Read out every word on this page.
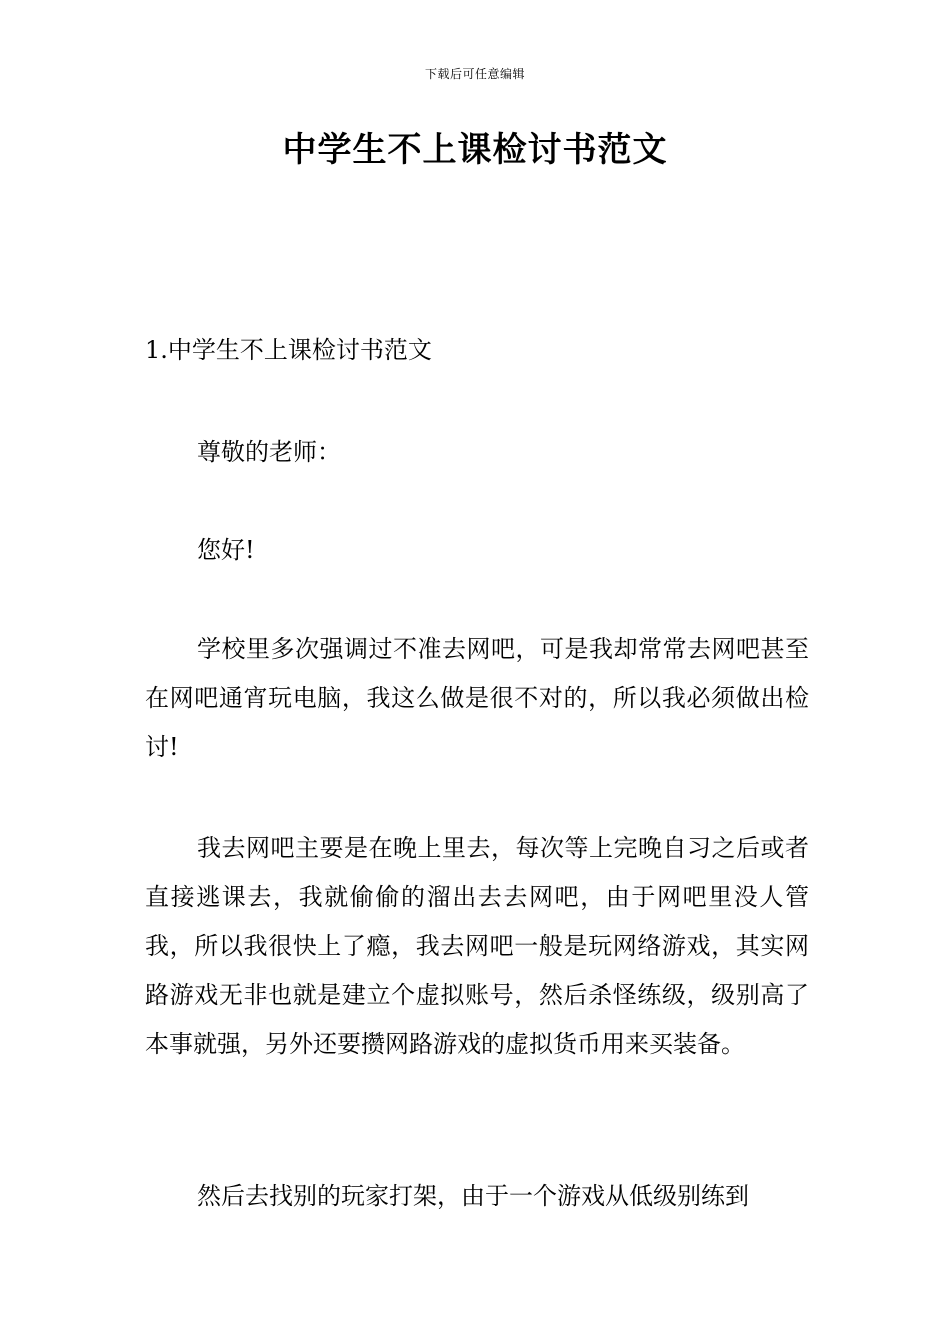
下载后可任意编辑
中学生不上课检讨书范文
1.中学生不上课检讨书范文

尊敬的老师：

您好!

学校里多次强调过不准去网吧，可是我却常常去网吧甚至在网吧通宵玩电脑，我这么做是很不对的，所以我必须做出检讨!

我去网吧主要是在晚上里去，每次等上完晚自习之后或者直接逃课去，我就偷偷的溜出去去网吧，由于网吧里没人管我，所以我很快上了瘾，我去网吧一般是玩网络游戏，其实网路游戏无非也就是建立个虚拟账号，然后杀怪练级，级别高了本事就强，另外还要攒网路游戏的虚拟货币用来买装备。

然后去找别的玩家打架，由于一个游戏从低级别练到
